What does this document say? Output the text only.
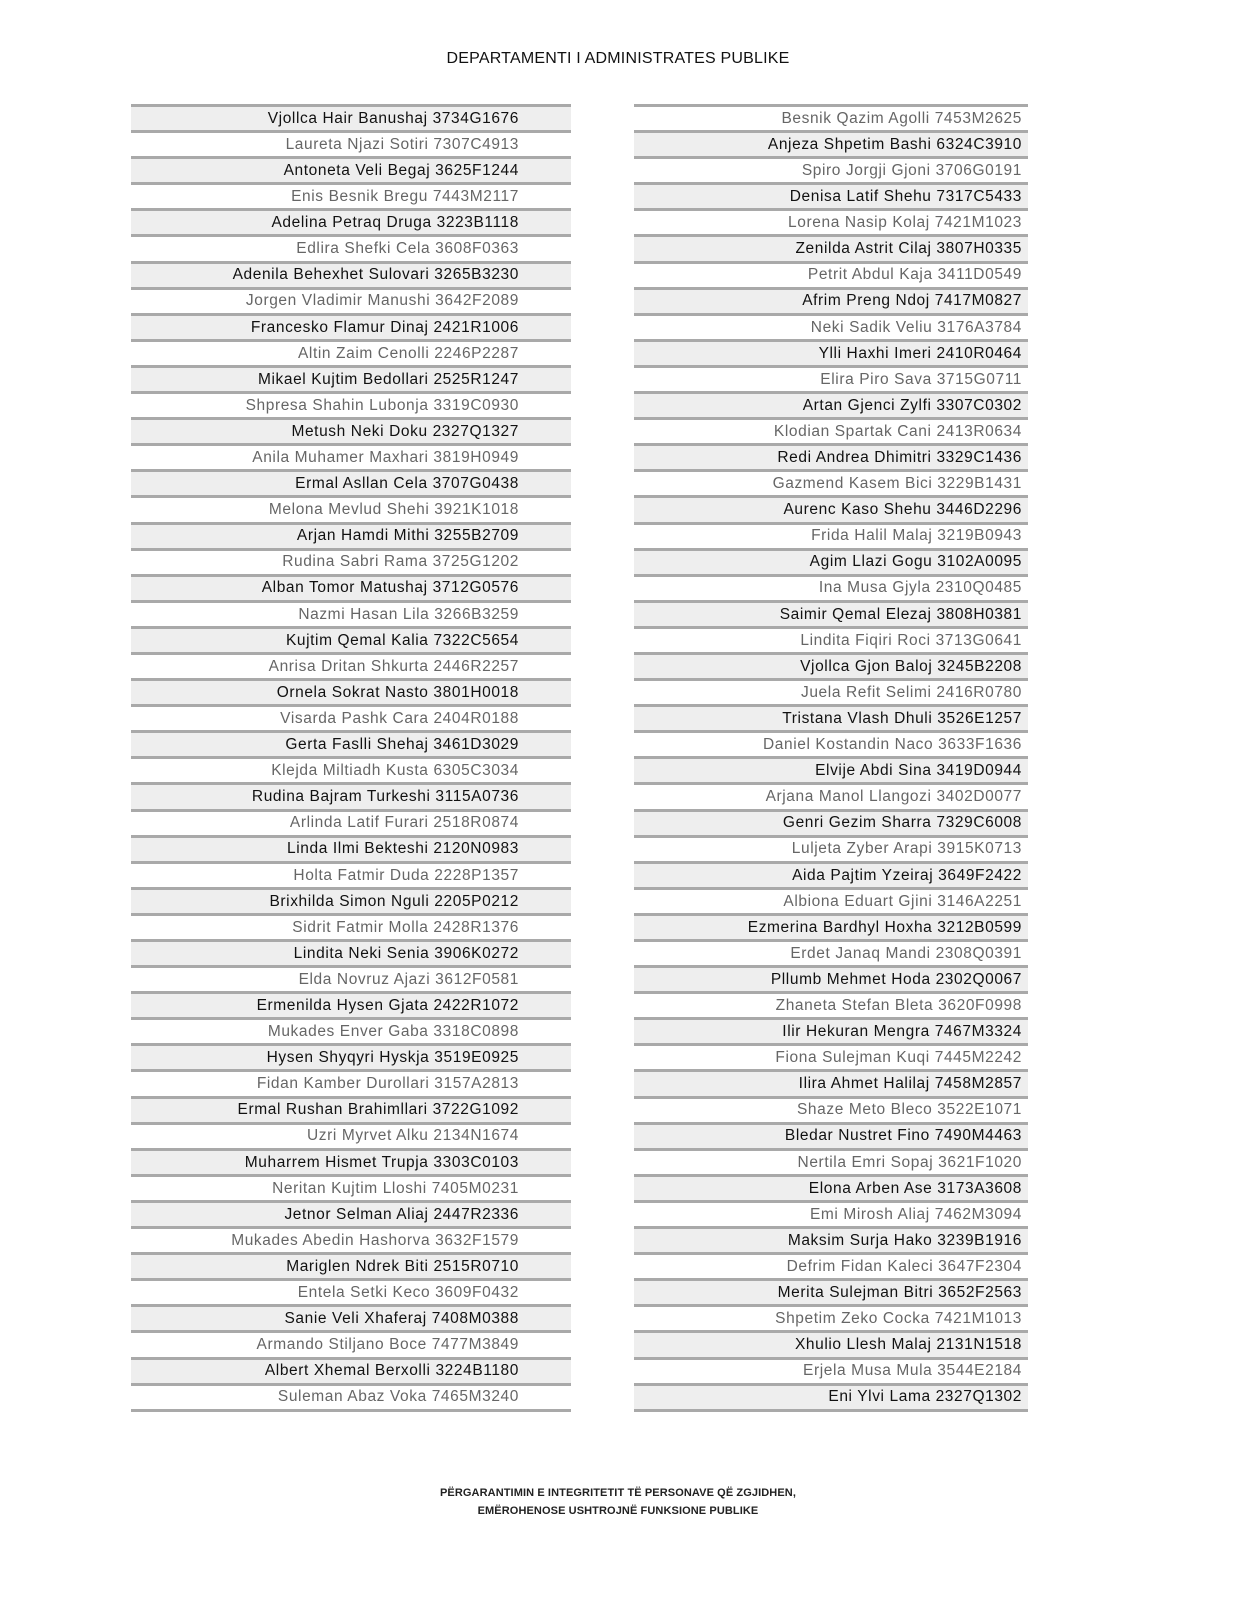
DEPARTAMENTI I ADMINISTRATES PUBLIKE
Vjollca Hair Banushaj 3734G1676
Laureta Njazi Sotiri 7307C4913
Antoneta Veli Begaj 3625F1244
Enis Besnik Bregu 7443M2117
Adelina Petraq Druga 3223B1118
Edlira Shefki Cela 3608F0363
Adenila Behexhet Sulovari 3265B3230
Jorgen Vladimir Manushi 3642F2089
Francesko Flamur Dinaj 2421R1006
Altin Zaim Cenolli 2246P2287
Mikael Kujtim Bedollari 2525R1247
Shpresa Shahin Lubonja 3319C0930
Metush Neki Doku 2327Q1327
Anila Muhamer Maxhari 3819H0949
Ermal Asllan Cela 3707G0438
Melona Mevlud Shehi 3921K1018
Arjan Hamdi Mithi 3255B2709
Rudina Sabri Rama 3725G1202
Alban Tomor Matushaj 3712G0576
Nazmi Hasan Lila 3266B3259
Kujtim Qemal Kalia 7322C5654
Anrisa Dritan Shkurta 2446R2257
Ornela Sokrat Nasto 3801H0018
Visarda Pashk Cara 2404R0188
Gerta Faslli Shehaj 3461D3029
Klejda Miltiadh Kusta 6305C3034
Rudina Bajram Turkeshi 3115A0736
Arlinda Latif Furari 2518R0874
Linda Ilmi Bekteshi 2120N0983
Holta Fatmir Duda 2228P1357
Brixhilda Simon Nguli 2205P0212
Sidrit Fatmir Molla 2428R1376
Lindita Neki Senia 3906K0272
Elda Novruz Ajazi 3612F0581
Ermenilda Hysen Gjata 2422R1072
Mukades Enver Gaba 3318C0898
Hysen Shyqyri Hyskja 3519E0925
Fidan Kamber Durollari 3157A2813
Ermal Rushan Brahimllari 3722G1092
Uzri Myrvet Alku 2134N1674
Muharrem Hismet Trupja 3303C0103
Neritan Kujtim Lloshi 7405M0231
Jetnor Selman Aliaj 2447R2336
Mukades Abedin Hashorva 3632F1579
Mariglen Ndrek Biti 2515R0710
Entela Setki Keco 3609F0432
Sanie Veli Xhaferaj 7408M0388
Armando Stiljano Boce 7477M3849
Albert Xhemal Berxolli 3224B1180
Suleman Abaz Voka 7465M3240
Besnik Qazim Agolli 7453M2625
Anjeza Shpetim Bashi 6324C3910
Spiro Jorgji Gjoni 3706G0191
Denisa Latif Shehu 7317C5433
Lorena Nasip Kolaj 7421M1023
Zenilda Astrit Cilaj 3807H0335
Petrit Abdul Kaja 3411D0549
Afrim Preng Ndoj 7417M0827
Neki Sadik Veliu 3176A3784
Ylli Haxhi Imeri 2410R0464
Elira Piro Sava 3715G0711
Artan Gjenci Zylfi 3307C0302
Klodian Spartak Cani 2413R0634
Redi Andrea Dhimitri 3329C1436
Gazmend Kasem Bici 3229B1431
Aurenc Kaso Shehu 3446D2296
Frida Halil Malaj 3219B0943
Agim Llazi Gogu 3102A0095
Ina Musa Gjyla 2310Q0485
Saimir Qemal Elezaj 3808H0381
Lindita Fiqiri Roci 3713G0641
Vjollca Gjon Baloj 3245B2208
Juela Refit Selimi 2416R0780
Tristana Vlash Dhuli 3526E1257
Daniel Kostandin Naco 3633F1636
Elvije Abdi Sina 3419D0944
Arjana Manol Llangozi 3402D0077
Genri Gezim Sharra 7329C6008
Luljeta Zyber Arapi 3915K0713
Aida Pajtim Yzeiraj 3649F2422
Albiona Eduart Gjini 3146A2251
Ezmerina Bardhyl Hoxha 3212B0599
Erdet Janaq Mandi 2308Q0391
Pllumb Mehmet Hoda 2302Q0067
Zhaneta Stefan Bleta 3620F0998
Ilir Hekuran Mengra 7467M3324
Fiona Sulejman Kuqi 7445M2242
Ilira Ahmet Halilaj 7458M2857
Shaze Meto Bleco 3522E1071
Bledar Nustret Fino 7490M4463
Nertila Emri Sopaj 3621F1020
Elona Arben Ase 3173A3608
Emi Mirosh Aliaj 7462M3094
Maksim Surja Hako 3239B1916
Defrim Fidan Kaleci 3647F2304
Merita Sulejman Bitri 3652F2563
Shpetim Zeko Cocka 7421M1013
Xhulio Llesh Malaj 2131N1518
Erjela Musa Mula 3544E2184
Eni Ylvi Lama 2327Q1302
PËRGARANTIMIN E INTEGRITETIT TË PERSONAVE QË ZGJIDHEN,
EMËROHENOSE USHTROJNË FUNKSIONE PUBLIKE
